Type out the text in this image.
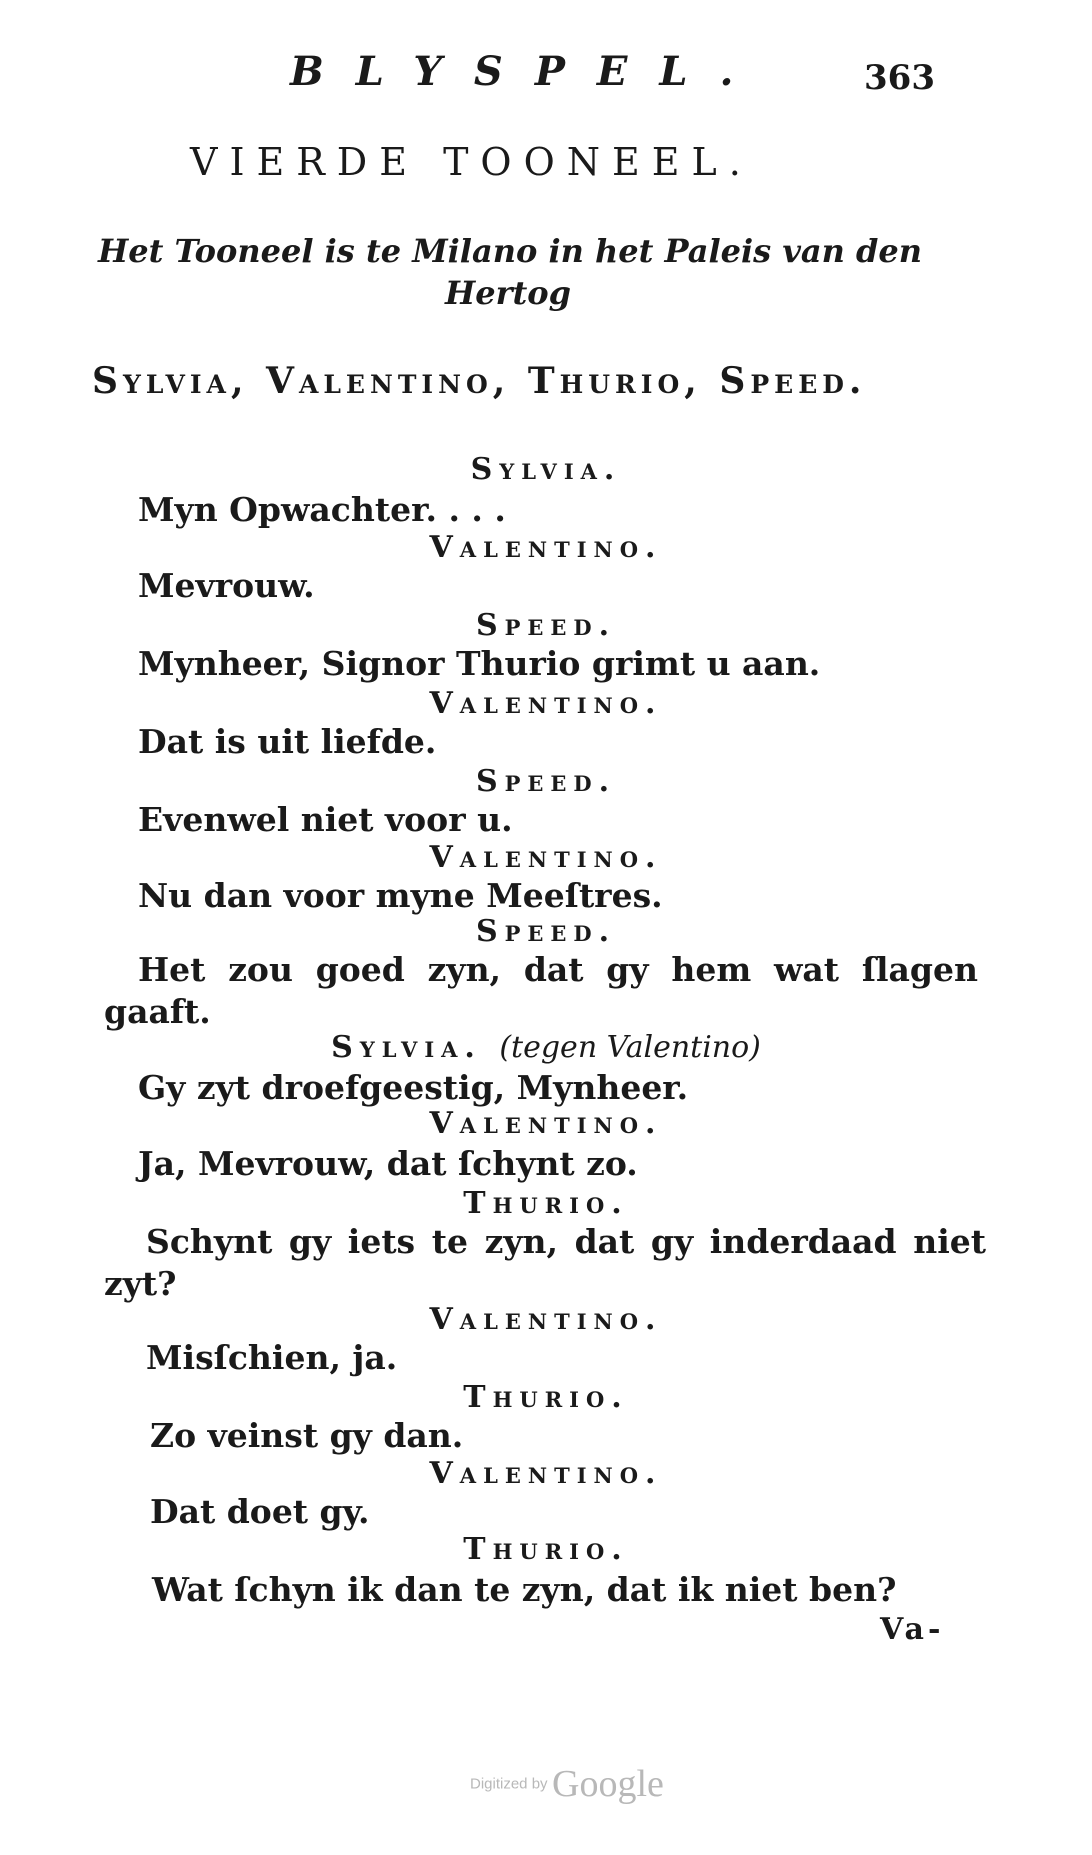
BLYSPEL.	363
VIERDE TOONEEL.
Het Tooneel is te Milano in het Paleis van den
Hertog
Sylvia, Valentino, Thurio, Speed.
Sylvia.
Myn Opwachter. . . .
Valentino.
Mevrouw.
Speed.
Mynheer, Signor Thurio grimt u aan.
Valentino.
Dat is uit liefde.
Speed.
Evenwel niet voor u.
Valentino.
Nu dan voor myne Meeſtres.
Speed.
Het zou goed zyn, dat gy hem wat ſlagen
gaaft.
Sylvia. (tegen Valentino)
Gy zyt droefgeestig, Mynheer.
Valentino.
Ja, Mevrouw, dat ſchynt zo.
Thurio.
Schynt gy iets te zyn, dat gy inderdaad niet
zyt?
Valentino.
Misſchien, ja.
Thurio.
Zo veinst gy dan.
Valentino.
Dat doet gy.
Thurio.
Wat ſchyn ik dan te zyn, dat ik niet ben?
Va-
Digitized by Google
